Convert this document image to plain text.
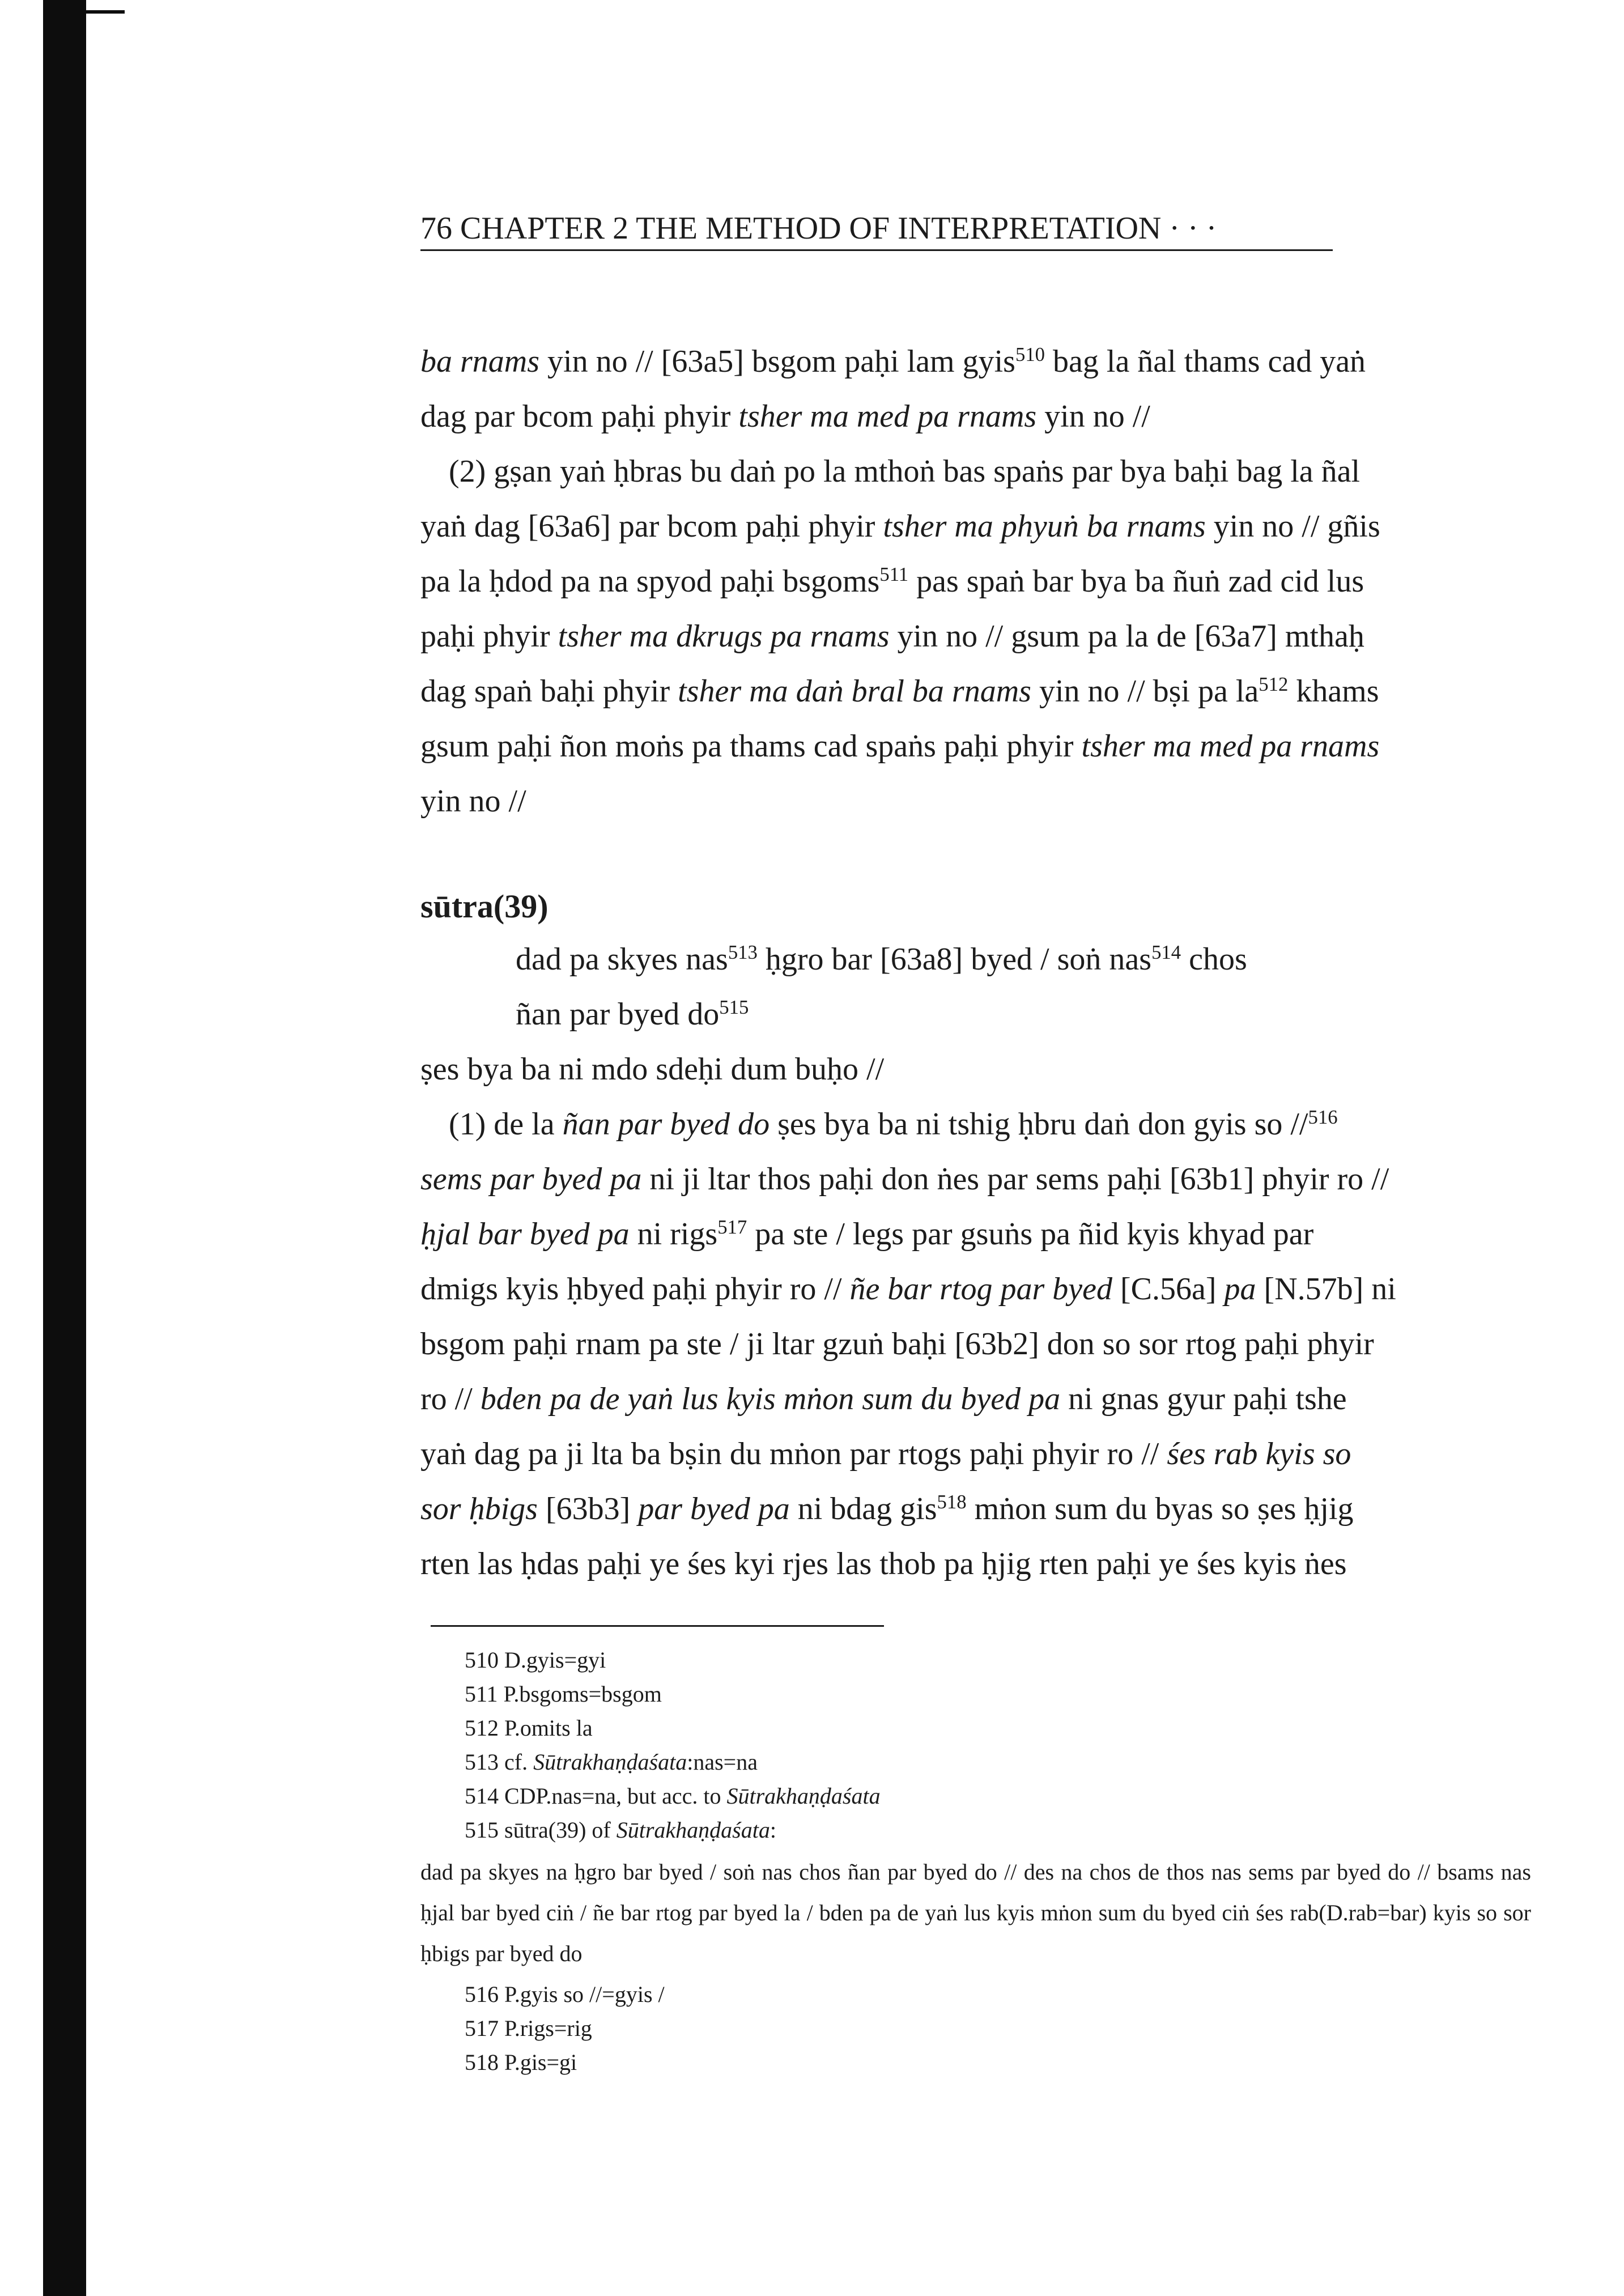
76 CHAPTER 2 THE METHOD OF INTERPRETATION · · ·

ba rnams yin no // [63a5] bsgom paḥi lam gyis$^{510}$ bag la ñal thams cad yaṅ

dag par bcom paḥi phyir tsher ma med pa rnams yin no //

(2) gṣan yaṅ ḥbras bu daṅ po la mthoṅ bas spaṅs par bya baḥi bag la ñal

yaṅ dag [63a6] par bcom paḥi phyir tsher ma phyuṅ ba rnams yin no // gñis

pa la ḥdod pa na spyod paḥi bsgoms$^{511}$ pas spaṅ bar bya ba ñuṅ zad cid lus

paḥi phyir tsher ma dkrugs pa rnams yin no // gsum pa la de [63a7] mthaḥ

dag spaṅ baḥi phyir tsher ma daṅ bral ba rnams yin no // bṣi pa $la^{512}$ khams

gsum paḥi ñon moṅs pa thams cad spaṅs paḥi phyir tsher ma med pa rnams

yin no //

sūtra(39)
dad pa skyes nas$^{513}$ ḥgro bar [63a8] byed / soṅ nas$^{514}$ chos
ñan par byed $do^{515}$

ṣes bya ba ni mdo sdeḥi dum buḥo //

(1) de la ñan par byed do ṣes bya ba ni tshig ḥbru daṅ don gyis so //$^{516}$

sems par byed pa ni ji ltar thos paḥi don ṅes par sems paḥi [63b1] phyir ro //

ḥjal bar byed pa ni rigs$^{517}$ pa ste / legs par gsuṅs pa ñid kyis khyad par

dmigs kyis ḥbyed paḥi phyir ro // ñe bar rtog par byed [C.56a] pa [N.57b] ni

bsgom paḥi rnam pa ste / ji ltar gzuṅ baḥi [63b2] don so sor rtog paḥi phyir

ro // bden pa de yaṅ lus kyis mṅon sum du byed pa ni gnas gyur paḥi tshe

yaṅ dag pa ji lta ba bṣin du mṅon par rtogs paḥi phyir ro // śes rab kyis so

sor ḥbigs [63b3] par byed pa ni bdag gis$^{518}$ mṅon sum du byas so ṣes ḥjig

rten las ḥdas paḥi ye śes kyi rjes las thob pa ḥjig rten paḥi ye śes kyis ṅes

510 D.gyis=gyi
511 P.bsgoms=bsgom
512 P.omits la
513 cf. Sūtrakhaṇḍaśata:nas=na
514 CDP.nas=na, but acc. to Sūtrakhaṇḍaśata
515 sūtra(39) of Sūtrakhaṇḍaśata:

dad pa skyes na ḥgro bar byed / soṅ nas chos ñan par byed do // des na chos de thos nas sems par byed do // bsams nas ḥjal bar byed ciṅ / ñe bar rtog par byed la / bden pa de yaṅ lus kyis mṅon sum du byed ciṅ śes rab(D.rab=bar) kyis so sor ḥbigs par byed do

516 P.gyis so //=gyis /
517 P.rigs=rig
518 P.gis=gi
